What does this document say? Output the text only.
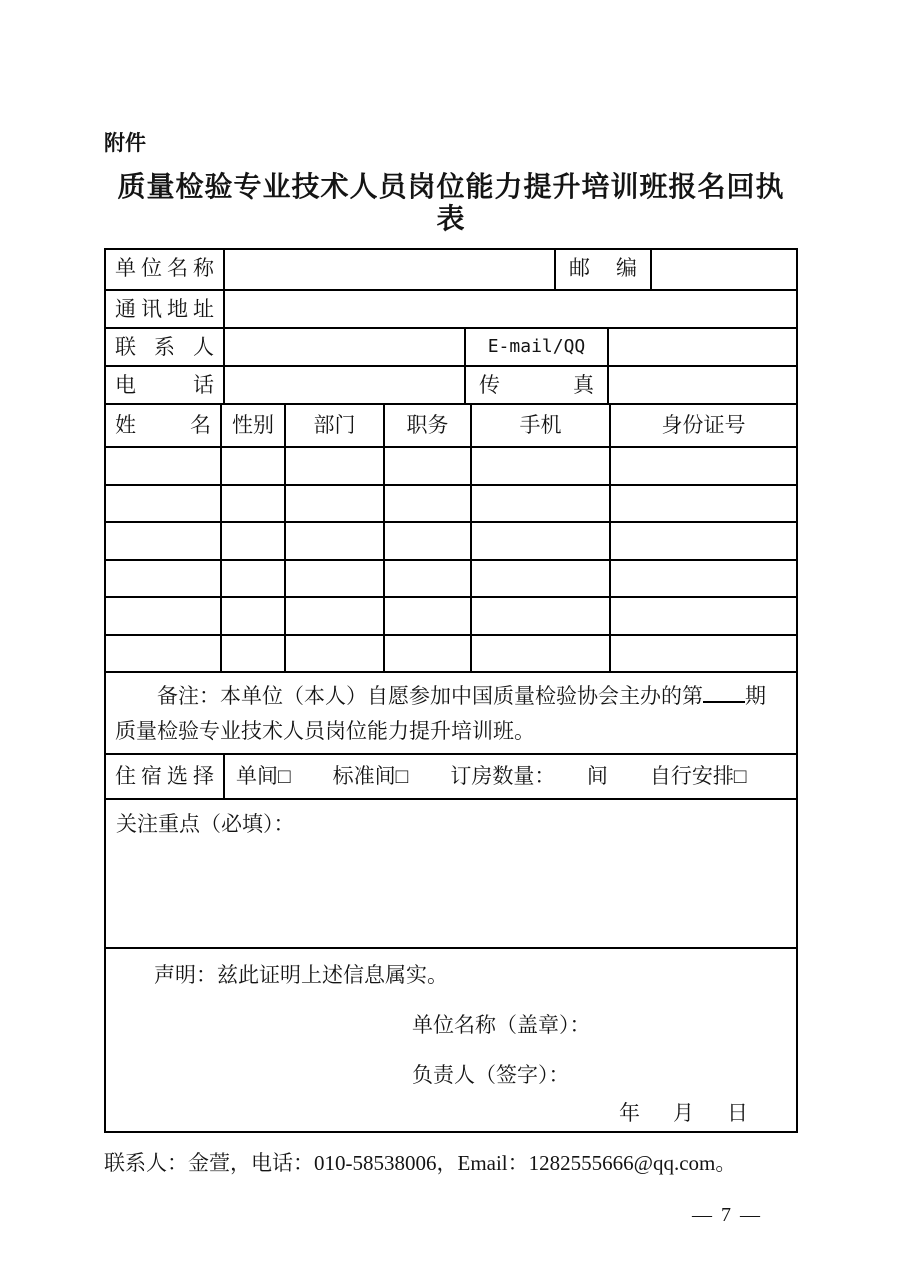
附件
质量检验专业技术人员岗位能力提升培训班报名回执表
单位名称	邮编
通讯地址
联系人	E-mail/QQ
电话	传真
姓名	性别	部门	职务	手机	身份证号
备注：本单位（本人）自愿参加中国质量检验协会主办的第 期
质量检验专业技术人员岗位能力提升培训班。
住宿选择	单间□　　标准间□　　订房数量：　　间　　自行安排□
关注重点（必填）：
声明：兹此证明上述信息属实。
单位名称（盖章）：
负责人（签字）：
年　月　日
联系人：金萱，电话：010-58538006，Email：1282555666@qq.com。
— 7 —
